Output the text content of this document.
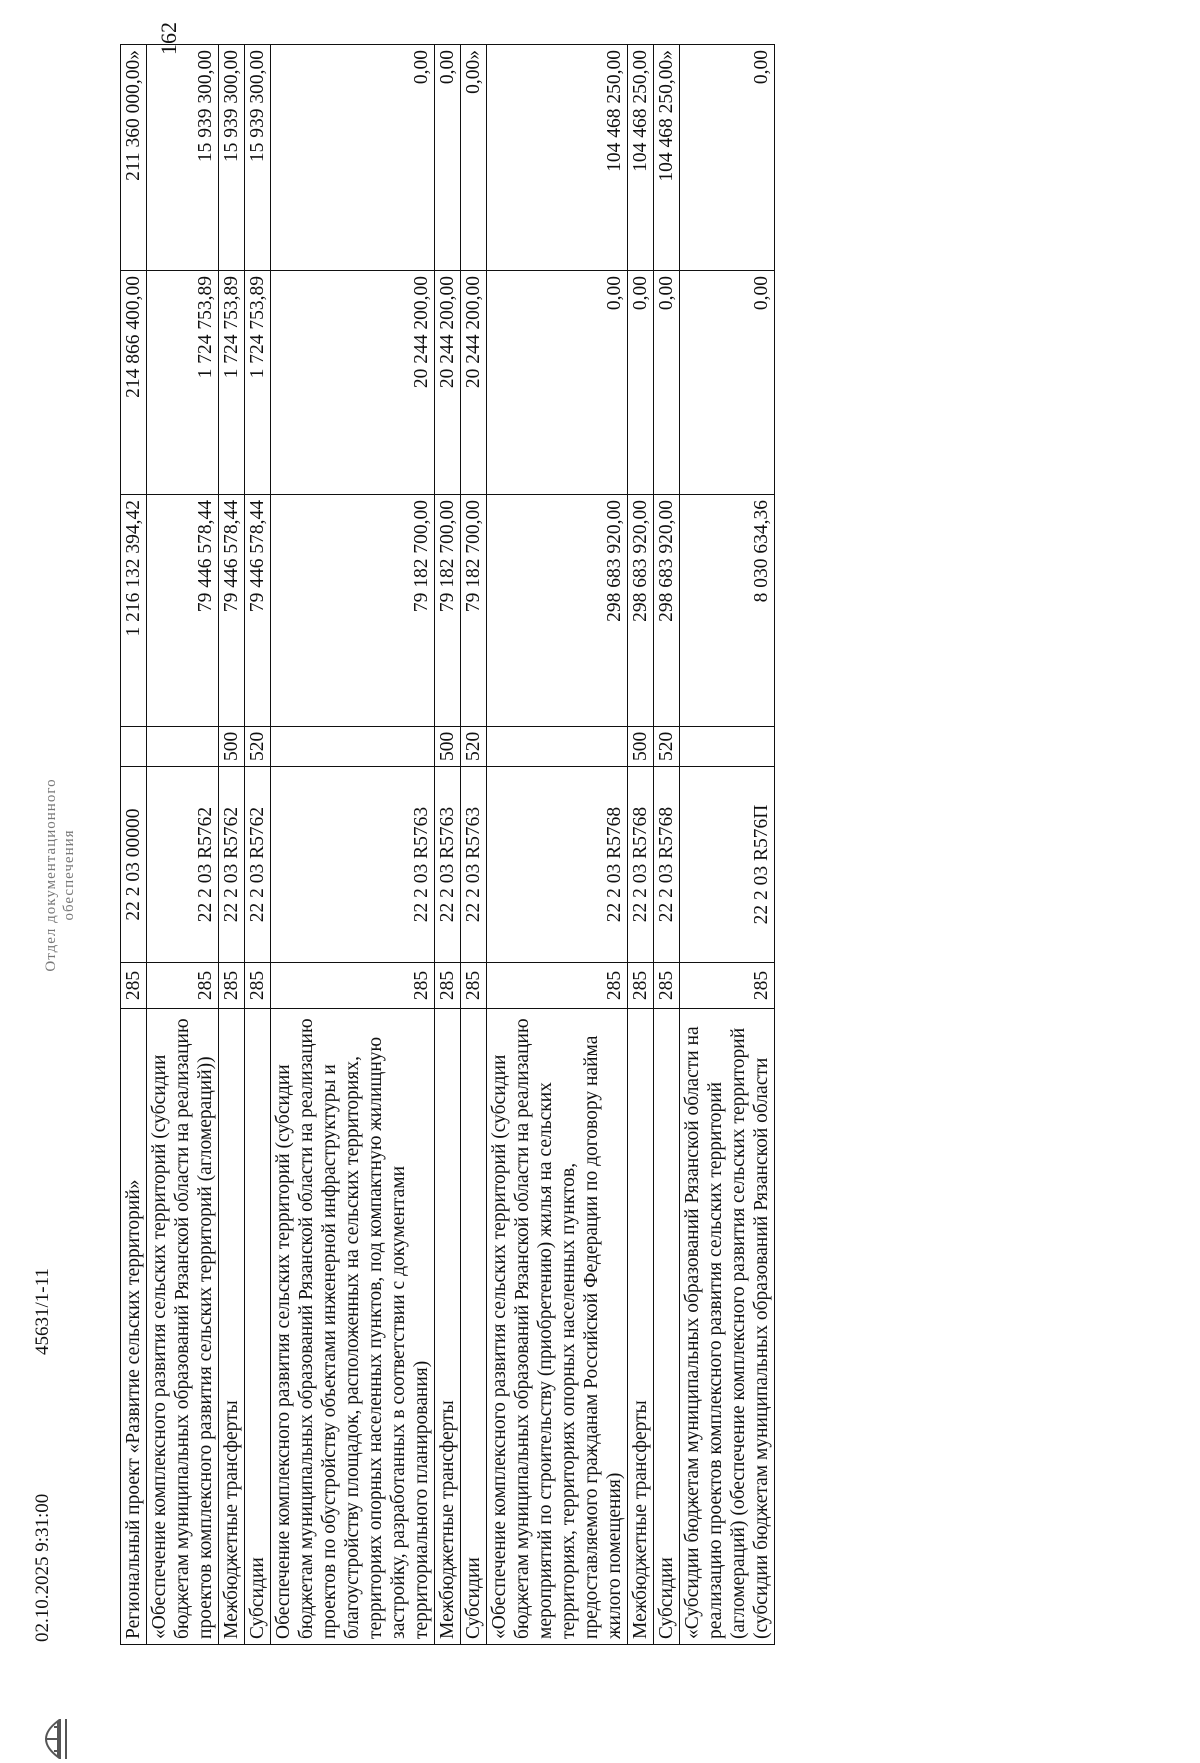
02.10.2025 9:31:00
45631/1-11
Отдел документационного обеспечения
Региональный проект «Развитие сельских территорий»	285	22 2 03 00000		1 216 132 394,42	214 866 400,00	211 360 000,00»
«Обеспечение комплексного развития сельских территорий (субсидии бюджетам муниципальных образований Рязанской области на реализацию проектов комплексного развития сельских территорий (агломераций))	285	22 2 03 R5762		79 446 578,44	1 724 753,89	15 939 300,00
Межбюджетные трансферты	285	22 2 03 R5762	500	79 446 578,44	1 724 753,89	15 939 300,00
Субсидии	285	22 2 03 R5762	520	79 446 578,44	1 724 753,89	15 939 300,00
Обеспечение комплексного развития сельских территорий (субсидии бюджетам муниципальных образований Рязанской области на реализацию проектов по обустройству объектами инженерной инфраструктуры и благоустройству площадок, расположенных на сельских территориях, территориях опорных населенных пунктов, под компактную жилищную застройку, разработанных в соответствии с документами территориального планирования)	285	22 2 03 R5763		79 182 700,00	20 244 200,00	0,00
Межбюджетные трансферты	285	22 2 03 R5763	500	79 182 700,00	20 244 200,00	0,00
Субсидии	285	22 2 03 R5763	520	79 182 700,00	20 244 200,00	0,00»
«Обеспечение комплексного развития сельских территорий (субсидии бюджетам муниципальных образований Рязанской области на реализацию мероприятий по строительству (приобретению) жилья на сельских территориях, территориях опорных населенных пунктов, предоставляемого гражданам Российской Федерации по договору найма жилого помещения)	285	22 2 03 R5768		298 683 920,00	0,00	104 468 250,00
Межбюджетные трансферты	285	22 2 03 R5768	500	298 683 920,00	0,00	104 468 250,00
Субсидии	285	22 2 03 R5768	520	298 683 920,00	0,00	104 468 250,00»
«Субсидии бюджетам муниципальных образований Рязанской области на реализацию проектов комплексного развития сельских территорий (агломераций) (обеспечение комплексного развития сельских территорий (субсидии бюджетам муниципальных образований Рязанской области	285	22 2 03 R576П		8 030 634,36	0,00	0,00
162
